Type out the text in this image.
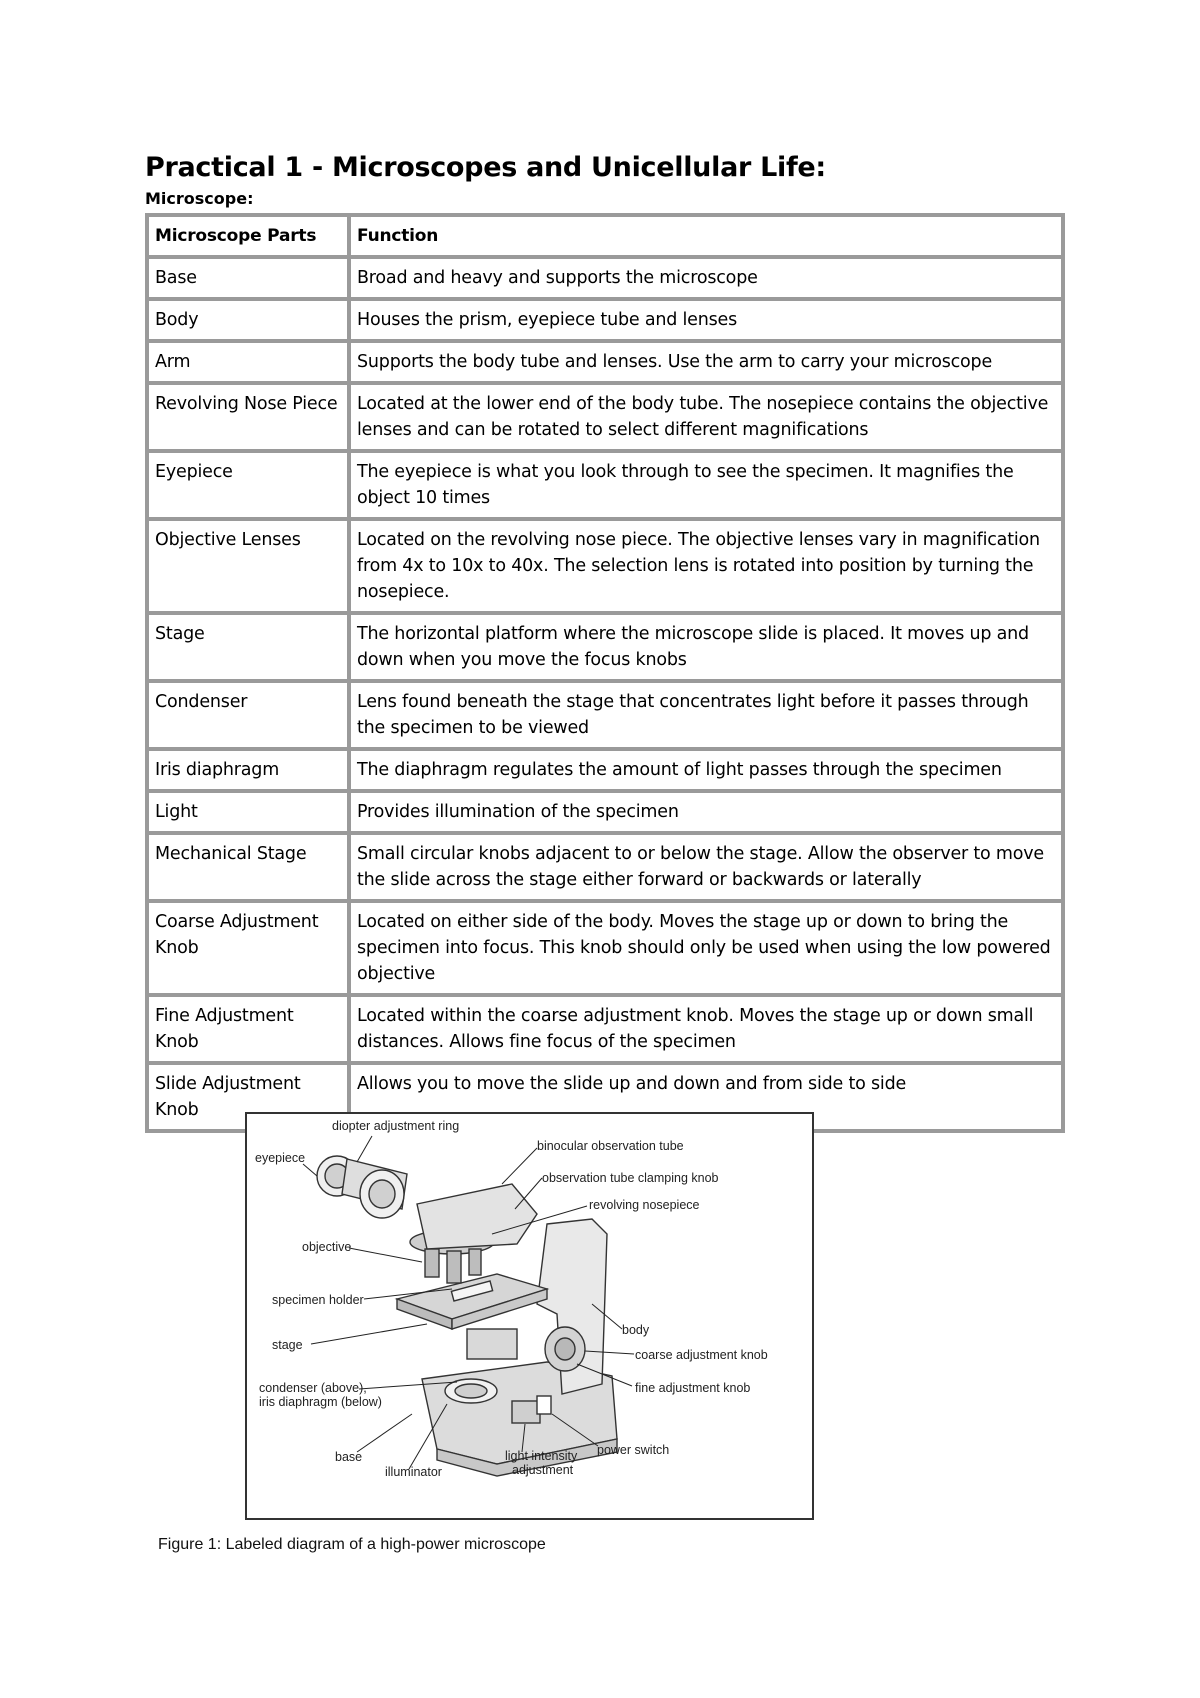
Practical 1 - Microscopes and Unicellular Life:
Microscope:
Microscope Parts	Function
Base	Broad and heavy and supports the microscope
Body	Houses the prism, eyepiece tube and lenses
Arm	Supports the body tube and lenses. Use the arm to carry your microscope
Revolving Nose Piece	Located at the lower end of the body tube. The nosepiece contains the objective lenses and can be rotated to select different magnifications
Eyepiece	The eyepiece is what you look through to see the specimen. It magnifies the object 10 times
Objective Lenses	Located on the revolving nose piece. The objective lenses vary in magnification from 4x to 10x to 40x. The selection lens is rotated into position by turning the nosepiece.
Stage	The horizontal platform where the microscope slide is placed. It moves up and down when you move the focus knobs
Condenser	Lens found beneath the stage that concentrates light before it passes through the specimen to be viewed
Iris diaphragm	The diaphragm regulates the amount of light passes through the specimen
Light	Provides illumination of the specimen
Mechanical Stage	Small circular knobs adjacent to or below the stage. Allow the observer to move the slide across the stage either forward or backwards or laterally
Coarse Adjustment Knob	Located on either side of the body. Moves the stage up or down to bring the specimen into focus. This knob should only be used when using the low powered objective
Fine Adjustment Knob	Located within the coarse adjustment knob. Moves the stage up or down small distances. Allows fine focus of the specimen
Slide Adjustment Knob	Allows you to move the slide up and down and from side to side
diopter adjustment ring
eyepiece
binocular observation tube
observation tube clamping knob
revolving nosepiece
objective
specimen holder
stage
body
coarse adjustment knob
fine adjustment knob
condenser (above),
iris diaphragm (below)
power switch
base
illuminator
light intensity
adjustment
Figure 1: Labeled diagram of a high-power microscope
